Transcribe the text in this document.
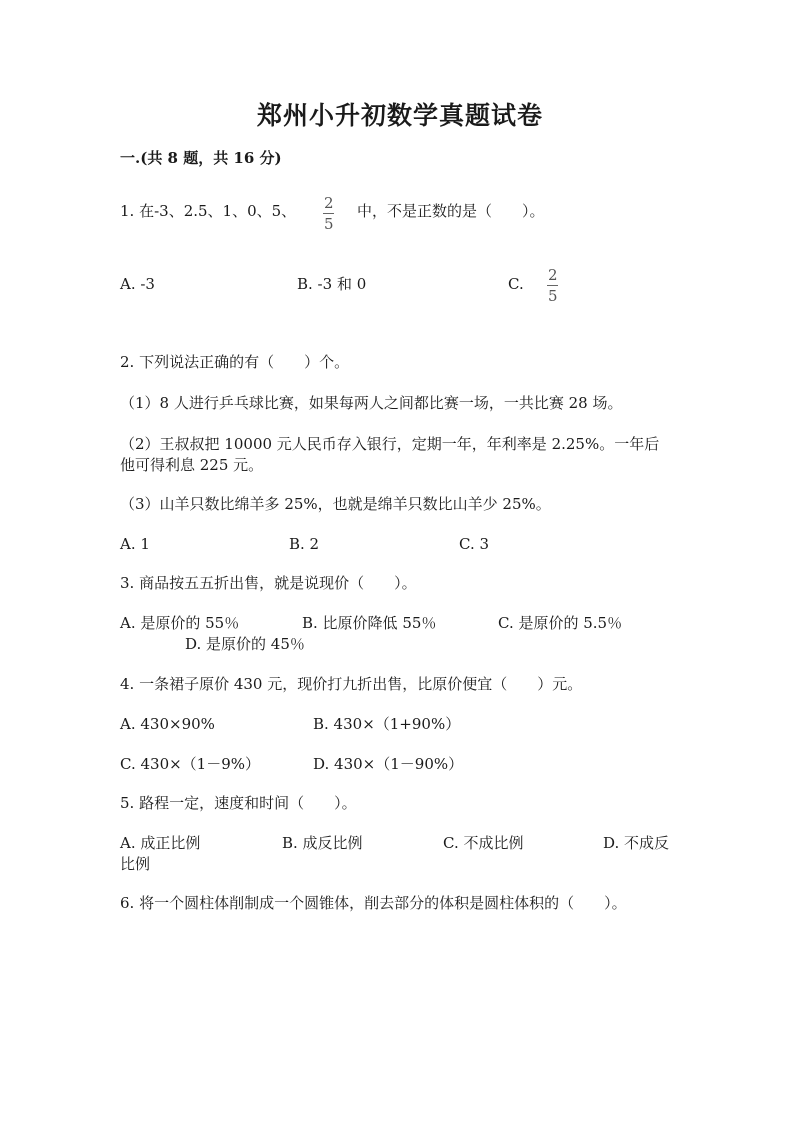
郑州小升初数学真题试卷
一.(共 8 题，共 16 分)
1. 在-3、2.5、1、0、5、 2
5
中，不是正数的是（　　）。
A. -3	B. -3 和 0	C. 2
5
2. 下列说法正确的有（　　）个。
（1）8 人进行乒乓球比赛，如果每两人之间都比赛一场，一共比赛 28 场。
（2）王叔叔把 10000 元人民币存入银行，定期一年，年利率是 2.25%。一年后
他可得利息 225 元。
（3）山羊只数比绵羊多 25%，也就是绵羊只数比山羊少 25%。
A. 1	B. 2	C. 3
3. 商品按五五折出售，就是说现价（　　）。
A. 是原价的 55％	B. 比原价降低 55％	C. 是原价的 5.5％
D. 是原价的 45％
4. 一条裙子原价 430 元，现价打九折出售，比原价便宜（　　）元。
A. 430×90%	B. 430×（1+90%）
C. 430×（1－9%）	D. 430×（1－90%）
5. 路程一定，速度和时间（　　）。
A. 成正比例	B. 成反比例	C. 不成比例	D. 不成反
比例
6. 将一个圆柱体削制成一个圆锥体，削去部分的体积是圆柱体积的（　　）。
